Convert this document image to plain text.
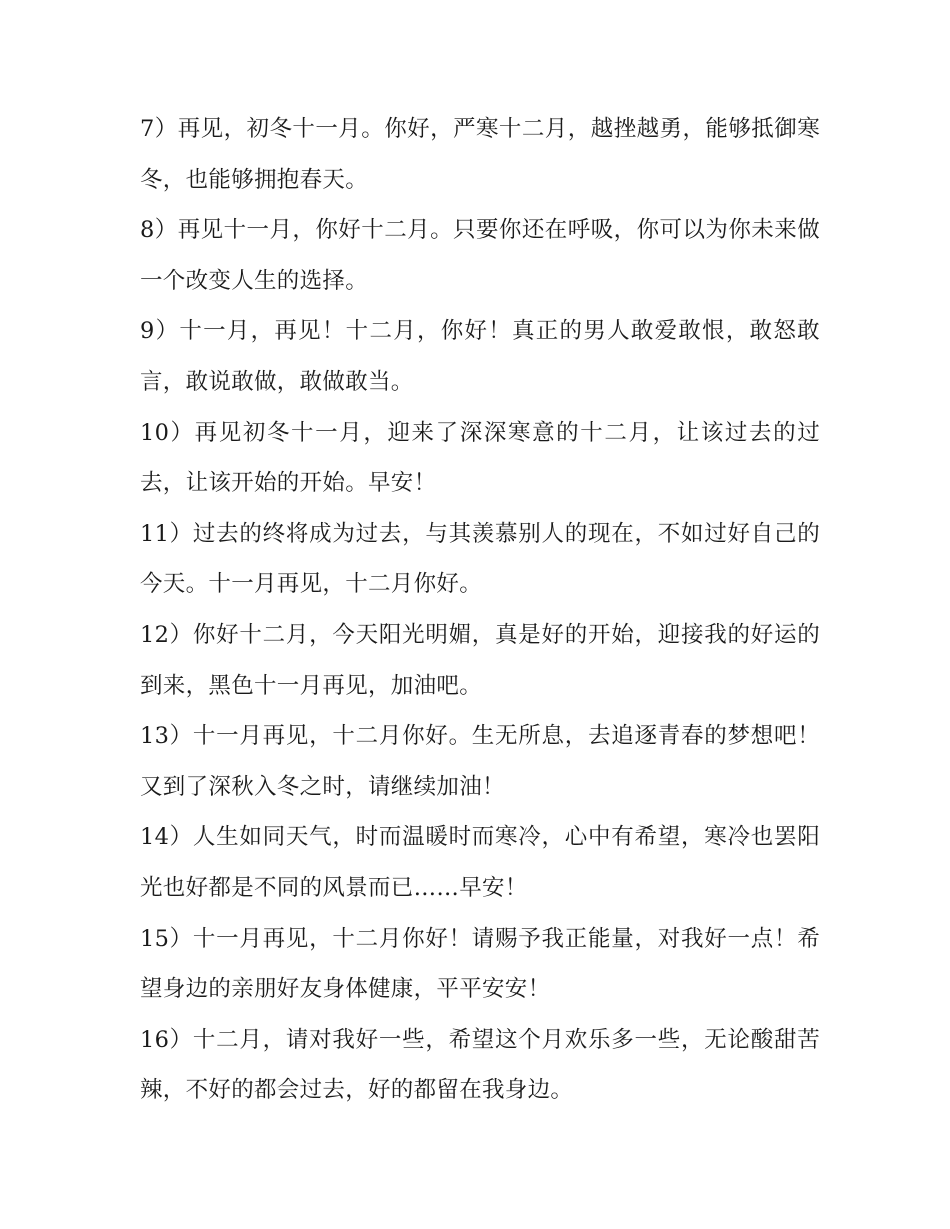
7）再见，初冬十一月。你好，严寒十二月，越挫越勇，能够抵御寒冬，也能够拥抱春天。

8）再见十一月，你好十二月。只要你还在呼吸，你可以为你未来做一个改变人生的选择。

9）十一月，再见！十二月，你好！真正的男人敢爱敢恨，敢怒敢言，敢说敢做，敢做敢当。

10）再见初冬十一月，迎来了深深寒意的十二月，让该过去的过去，让该开始的开始。早安！

11）过去的终将成为过去，与其羡慕别人的现在，不如过好自己的今天。十一月再见，十二月你好。

12）你好十二月，今天阳光明媚，真是好的开始，迎接我的好运的到来，黑色十一月再见，加油吧。

13）十一月再见，十二月你好。生无所息，去追逐青春的梦想吧！又到了深秋入冬之时，请继续加油！

14）人生如同天气，时而温暖时而寒冷，心中有希望，寒冷也罢阳光也好都是不同的风景而已……早安！

15）十一月再见，十二月你好！请赐予我正能量，对我好一点！希望身边的亲朋好友身体健康，平平安安！

16）十二月，请对我好一些，希望这个月欢乐多一些，无论酸甜苦辣，不好的都会过去，好的都留在我身边。
